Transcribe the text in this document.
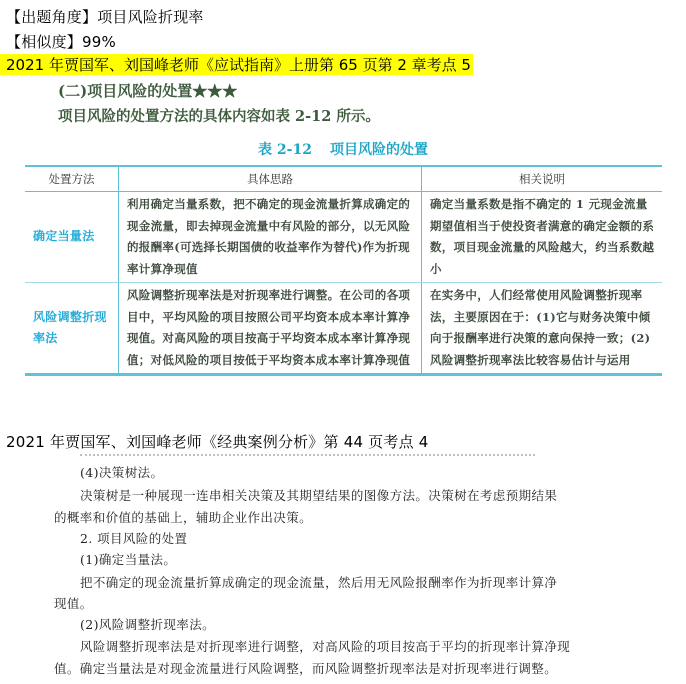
【出题角度】项目风险折现率
【相似度】99%
2021 年贾国军、刘国峰老师《应试指南》上册第 65 页第 2 章考点 5
(二)项目风险的处置★★★
项目风险的处置方法的具体内容如表 2-12 所示。
表 2-12 项目风险的处置
处置方法	具体思路	相关说明
确定当量法	利用确定当量系数，把不确定的现金流量折算成确定的现金流量，即去掉现金流量中有风险的部分，以无风险的报酬率(可选择长期国债的收益率作为替代)作为折现率计算净现值	确定当量系数是指不确定的 1 元现金流量期望值相当于使投资者满意的确定金额的系数，项目现金流量的风险越大，约当系数越小
风险调整折现率法	风险调整折现率法是对折现率进行调整。在公司的各项目中，平均风险的项目按照公司平均资本成本率计算净现值。对高风险的项目按高于平均资本成本率计算净现值；对低风险的项目按低于平均资本成本率计算净现值	在实务中，人们经常使用风险调整折现率法，主要原因在于：(1)它与财务决策中倾向于报酬率进行决策的意向保持一致；(2)风险调整折现率法比较容易估计与运用
2021 年贾国军、刘国峰老师《经典案例分析》第 44 页考点 4
(4)决策树法。
决策树是一种展现一连串相关决策及其期望结果的图像方法。决策树在考虑预期结果
的概率和价值的基础上，辅助企业作出决策。
2. 项目风险的处置
(1)确定当量法。
把不确定的现金流量折算成确定的现金流量，然后用无风险报酬率作为折现率计算净
现值。
(2)风险调整折现率法。
风险调整折现率法是对折现率进行调整，对高风险的项目按高于平均的折现率计算净现
值。确定当量法是对现金流量进行风险调整，而风险调整折现率法是对折现率进行调整。
